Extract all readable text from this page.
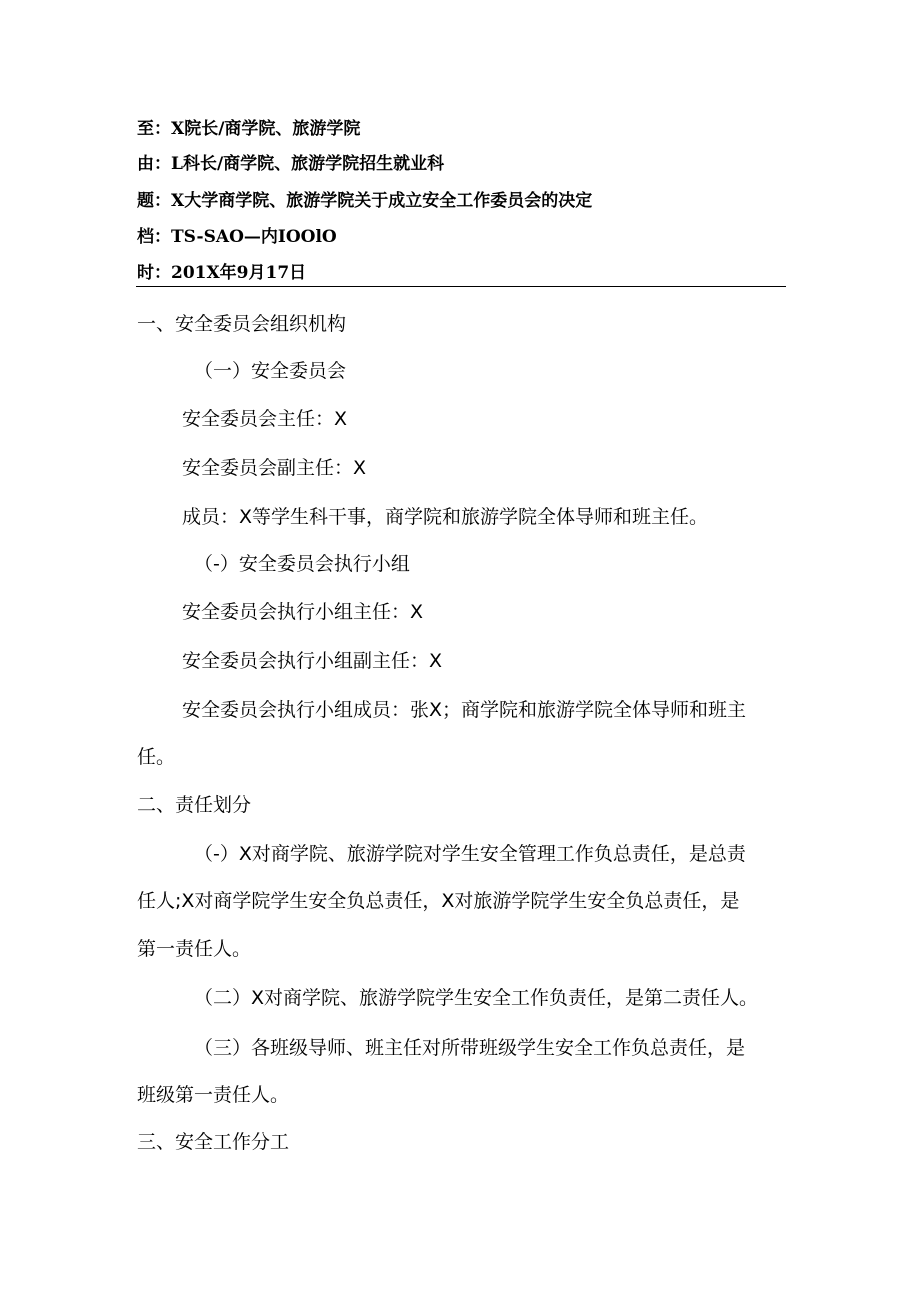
至：X院长/商学院、旅游学院
由：L科长/商学院、旅游学院招生就业科
题：X大学商学院、旅游学院关于成立安全工作委员会的决定
档：TS-SAO—内IOOlO
时：201X年9月17日
一、安全委员会组织机构
（一）安全委员会
安全委员会主任：X
安全委员会副主任：X
成员：X等学生科干事，商学院和旅游学院全体导师和班主任。
（-）安全委员会执行小组
安全委员会执行小组主任：X
安全委员会执行小组副主任：X
安全委员会执行小组成员：张X；商学院和旅游学院全体导师和班主
任。
二、责任划分
（-）X对商学院、旅游学院对学生安全管理工作负总责任，是总责
任人;X对商学院学生安全负总责任，X对旅游学院学生安全负总责任，是
第一责任人。
（二）X对商学院、旅游学院学生安全工作负责任，是第二责任人。
（三）各班级导师、班主任对所带班级学生安全工作负总责任，是
班级第一责任人。
三、安全工作分工
